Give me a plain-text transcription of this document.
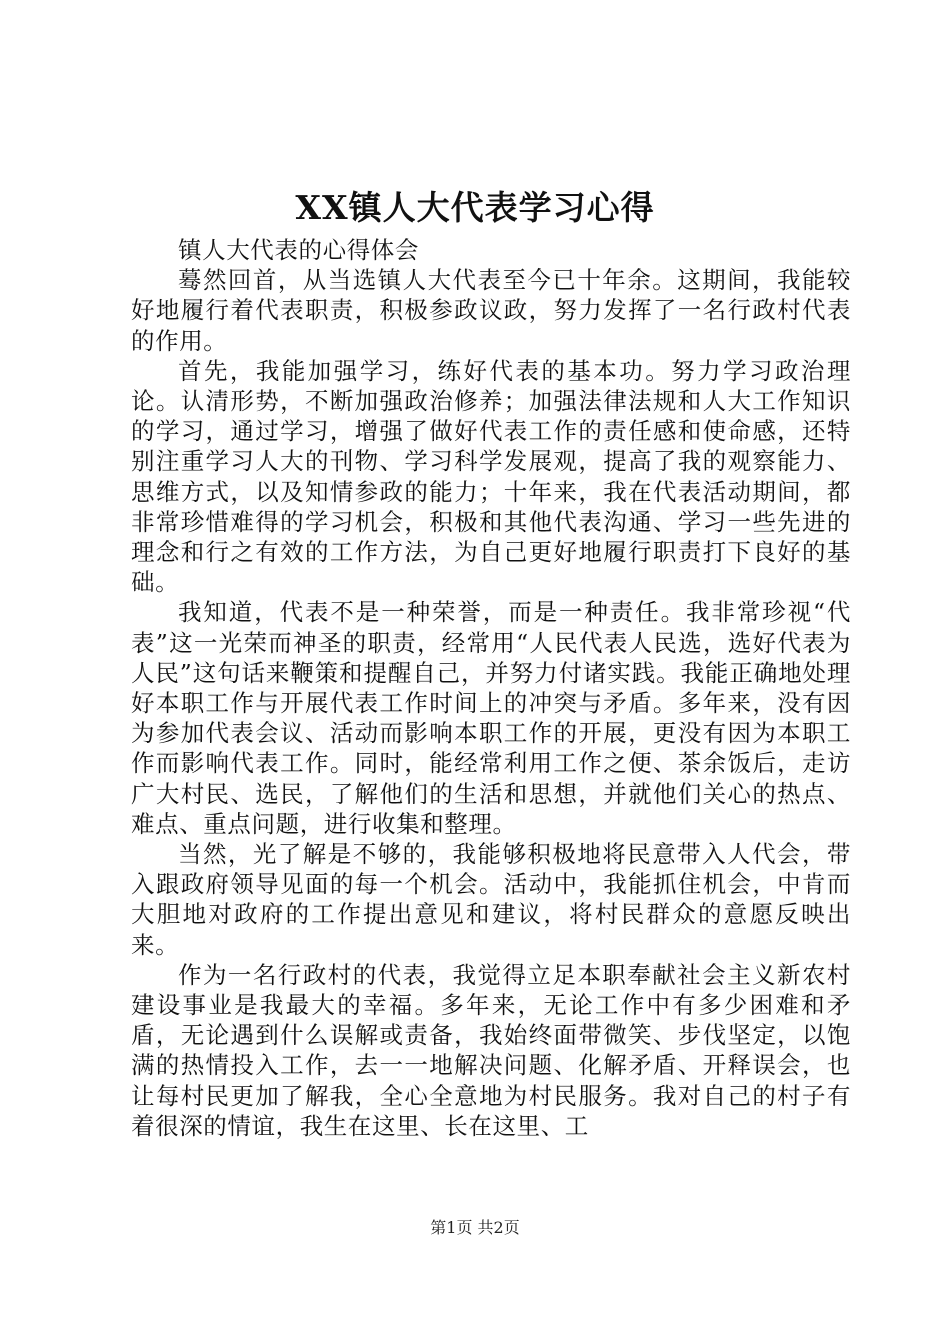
XX镇人大代表学习心得

镇人大代表的心得体会

蓦然回首，从当选镇人大代表至今已十年余。这期间，我能较好地履行着代表职责，积极参政议政，努力发挥了一名行政村代表的作用。

首先，我能加强学习，练好代表的基本功。努力学习政治理论。认清形势，不断加强政治修养；加强法律法规和人大工作知识的学习，通过学习，增强了做好代表工作的责任感和使命感，还特别注重学习人大的刊物、学习科学发展观，提高了我的观察能力、思维方式，以及知情参政的能力；十年来，我在代表活动期间，都非常珍惜难得的学习机会，积极和其他代表沟通、学习一些先进的理念和行之有效的工作方法，为自己更好地履行职责打下良好的基础。

我知道，代表不是一种荣誉，而是一种责任。我非常珍视“代表”这一光荣而神圣的职责，经常用“人民代表人民选，选好代表为人民”这句话来鞭策和提醒自己，并努力付诸实践。我能正确地处理好本职工作与开展代表工作时间上的冲突与矛盾。多年来，没有因为参加代表会议、活动而影响本职工作的开展，更没有因为本职工作而影响代表工作。同时，能经常利用工作之便、茶余饭后，走访广大村民、选民，了解他们的生活和思想，并就他们关心的热点、难点、重点问题，进行收集和整理。

当然，光了解是不够的，我能够积极地将民意带入人代会，带入跟政府领导见面的每一个机会。活动中，我能抓住机会，中肯而大胆地对政府的工作提出意见和建议，将村民群众的意愿反映出来。

作为一名行政村的代表，我觉得立足本职奉献社会主义新农村建设事业是我最大的幸福。多年来，无论工作中有多少困难和矛盾，无论遇到什么误解或责备，我始终面带微笑、步伐坚定，以饱满的热情投入工作，去一一地解决问题、化解矛盾、开释误会，也让每村民更加了解我，全心全意地为村民服务。我对自己的村子有着很深的情谊，我生在这里、长在这里、工

第1页 共2页
